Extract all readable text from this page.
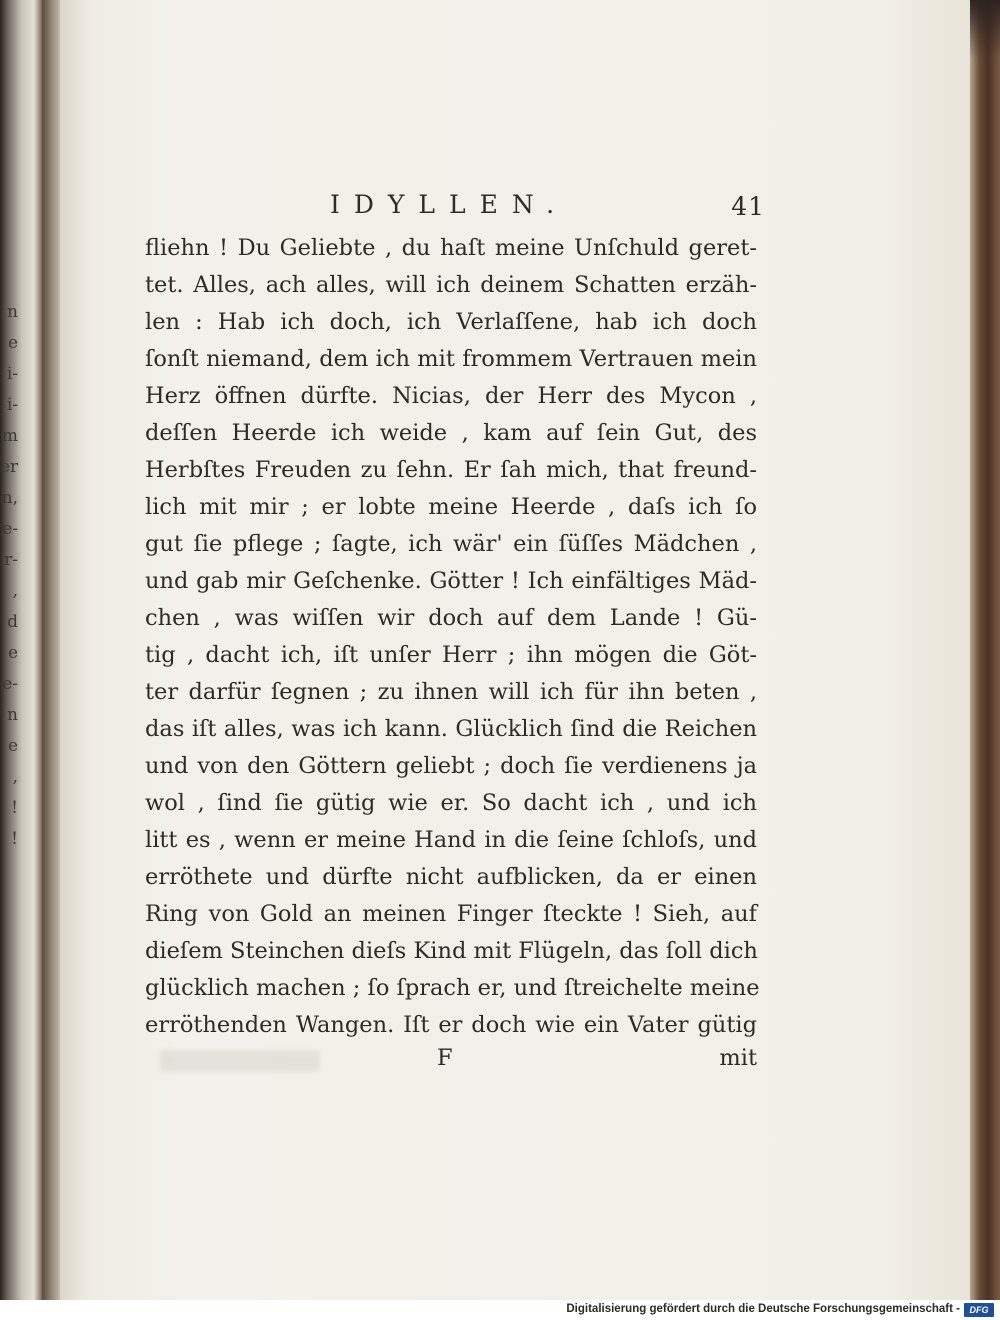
n
e
i-
i-
m
er
n,
e-
r-
,
d
e
e-
n
e
,
!
!
IDYLLEN.	41
fliehn ! Du Geliebte , du haſt meine Unſchuld geret-
tet. Alles, ach alles, will ich deinem Schatten erzäh-
len : Hab ich doch, ich Verlaſſene, hab ich doch
ſonſt niemand, dem ich mit frommem Vertrauen mein
Herz öffnen dürfte. Nicias, der Herr des Mycon ,
deſſen Heerde ich weide , kam auf ſein Gut, des
Herbſtes Freuden zu ſehn. Er ſah mich, that freund-
lich mit mir ; er lobte meine Heerde , daſs ich ſo
gut ſie pflege ; ſagte, ich wär' ein ſüſſes Mädchen ,
und gab mir Geſchenke. Götter ! Ich einfältiges Mäd-
chen , was wiſſen wir doch auf dem Lande ! Gü-
tig , dacht ich, iſt unſer Herr ; ihn mögen die Göt-
ter darfür ſegnen ; zu ihnen will ich für ihn beten ,
das iſt alles, was ich kann. Glücklich ſind die Reichen
und von den Göttern geliebt ; doch ſie verdienens ja
wol , ſind ſie gütig wie er. So dacht ich , und ich
litt es , wenn er meine Hand in die ſeine ſchloſs, und
erröthete und dürfte nicht aufblicken, da er einen
Ring von Gold an meinen Finger ſteckte ! Sieh, auf
dieſem Steinchen dieſs Kind mit Flügeln, das ſoll dich
glücklich machen ; ſo ſprach er, und ſtreichelte meine
erröthenden Wangen. Iſt er doch wie ein Vater gütig
F	mit
Digitalisierung gefördert durch die Deutsche Forschungsgemeinschaft -	DFG
